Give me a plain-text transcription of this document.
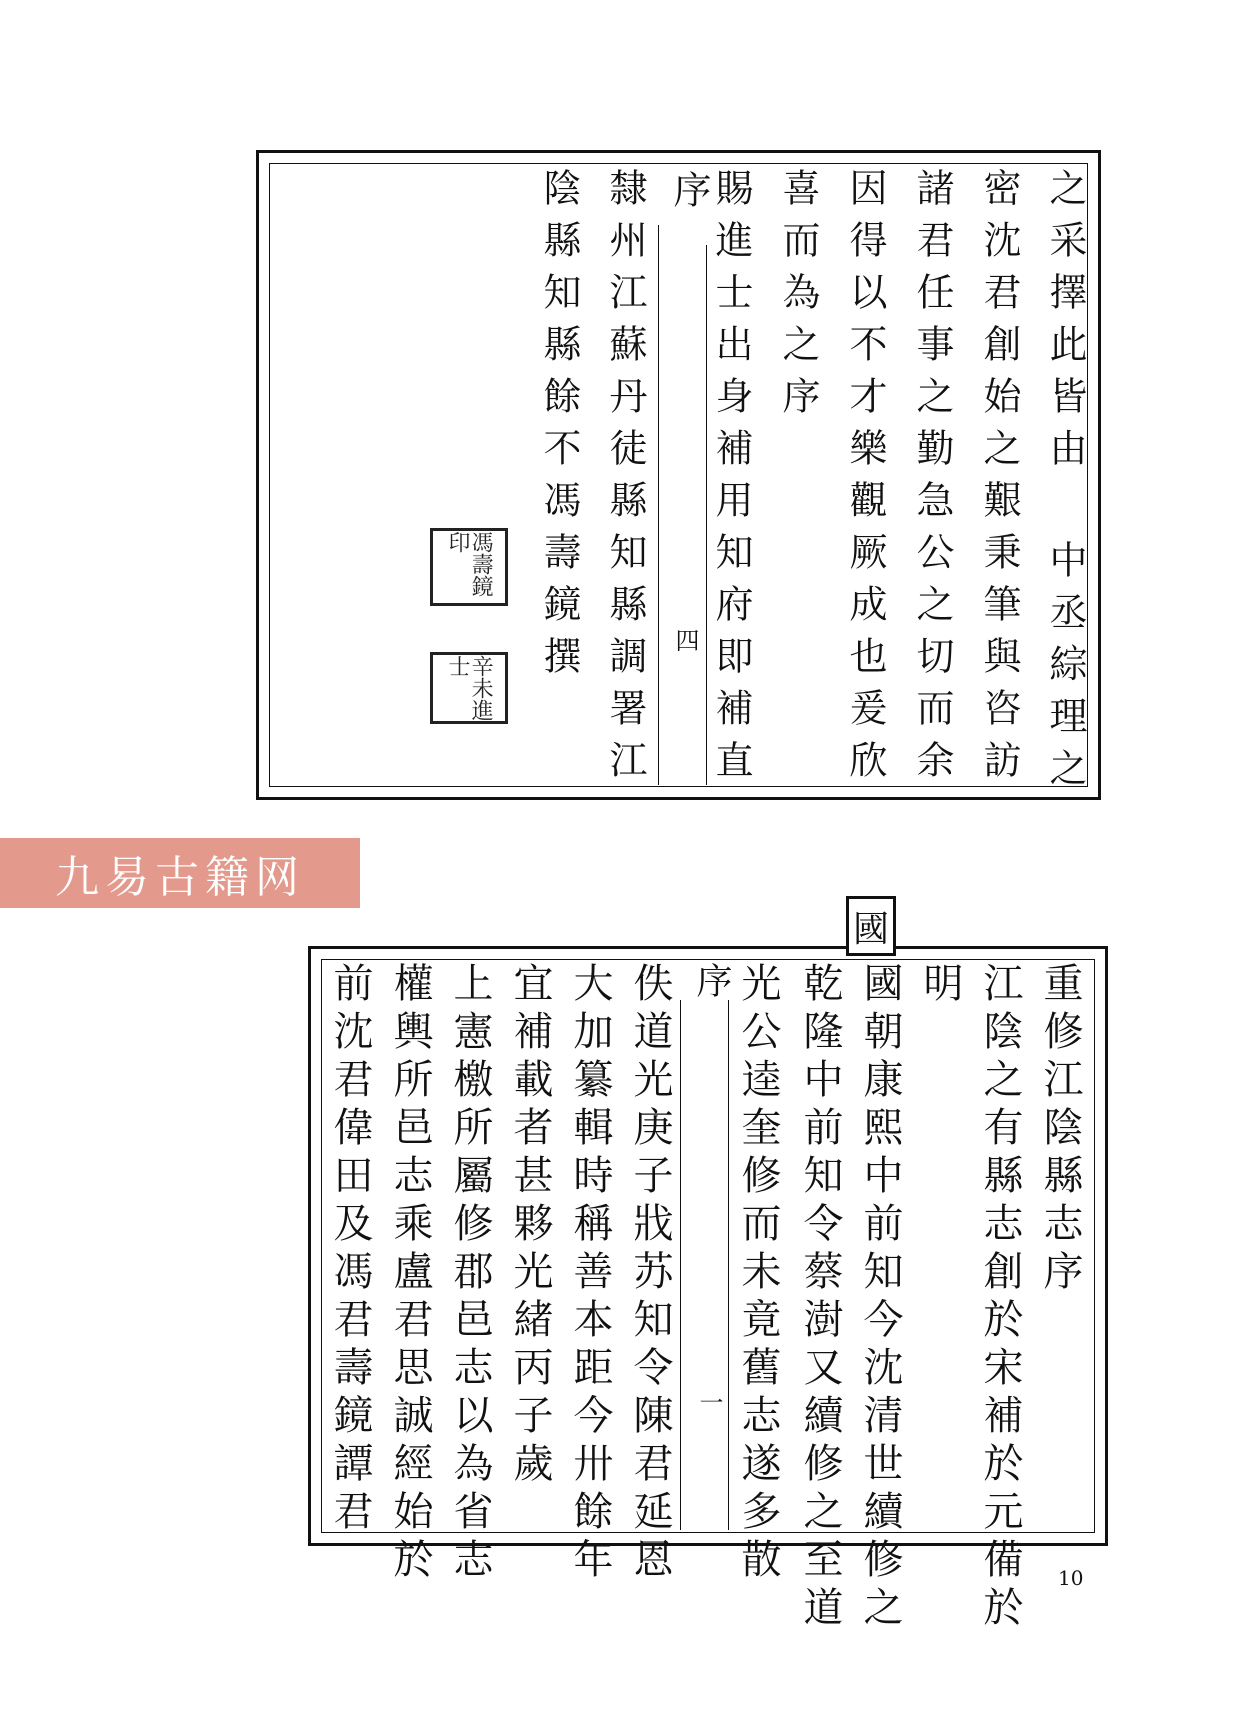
之采擇此皆由
中丞綜理之
密沈君創始之艱秉筆與咨訪
諸君任事之勤急公之切而余
因得以不才樂觀厥成也爰欣
喜而為之序
賜進士出身補用知府即補直
序
四
隸州江蘇丹徒縣知縣調署江
陰縣知縣餘不馮壽鏡撰
馮壽鏡印
辛未進士
九易古籍网
國
重修江陰縣志序
江陰之有縣志創於宋補於元備於
明
國朝康熙中前知今沈清世續修之
乾隆中前知令蔡澍又續修之至道
光公逵奎修而未竟舊志遂多散
序
一
佚道光庚子戕苏知令陳君延恩
大加纂輯時稱善本距今卅餘年
宜補載者甚夥光緒丙子歲
上憲檄所屬修郡邑志以為省志
權輿所邑志乘盧君思誠經始於
前沈君偉田及馮君壽鏡譚君
10
